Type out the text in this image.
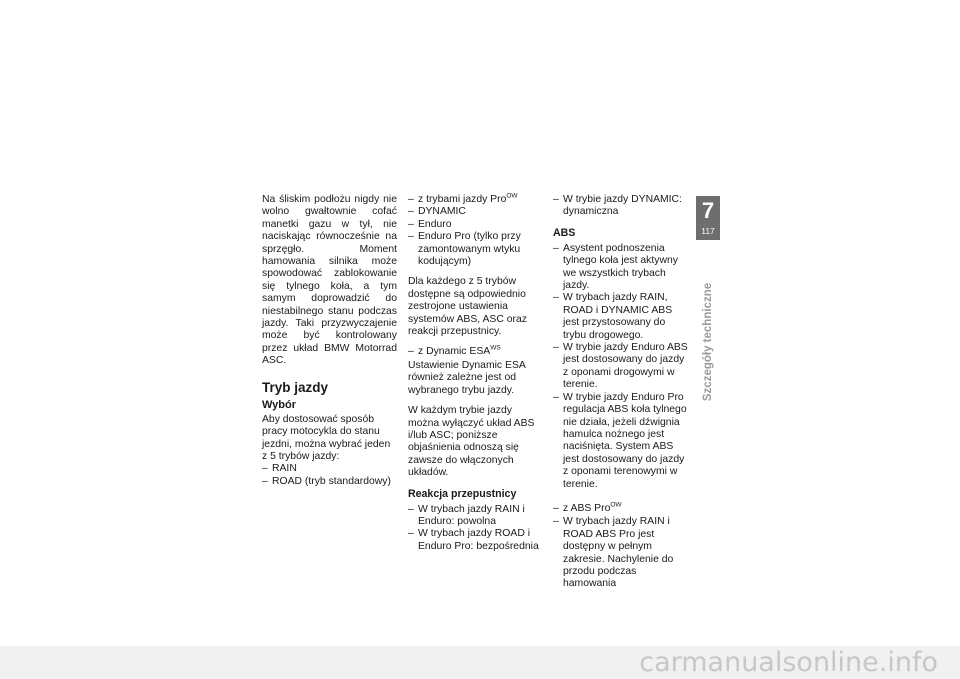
Na śliskim podłożu nigdy nie wolno gwałtownie cofać manetki gazu w tył, nie naciskając równocześnie na sprzęgło. Moment hamowania silnika może spowodować zablokowanie się tylnego koła, a tym samym doprowadzić do niestabilnego stanu podczas jazdy. Taki przyzwyczajenie może być kontrolowany przez układ BMW Motorrad ASC.

Tryb jazdy
Wybór
Aby dostosować sposób pracy motocykla do stanu jezdni, można wybrać jeden z 5 trybów jazdy:
– RAIN
– ROAD (tryb standardowy)
– z trybami jazdy Pro$^{OW}$
– DYNAMIC
– Enduro
– Enduro Pro (tylko przy zamontowanym wtyku kodującym)

Dla każdego z 5 trybów dostępne są odpowiednio zestrojone ustawienia systemów ABS, ASC oraz reakcji przepustnicy.

– z Dynamic $ESA^{WS}$

Ustawienie Dynamic ESA również zależne jest od wybranego trybu jazdy.

W każdym trybie jazdy można wyłączyć układ ABS i/lub ASC; poniższe objaśnienia odnoszą się zawsze do włączonych układów.

Reakcja przepustnicy
– W trybach jazdy RAIN i Enduro: powolna
– W trybach jazdy ROAD i Enduro Pro: bezpośrednia
– W trybie jazdy DYNAMIC: dynamiczna
ABS
– Asystent podnoszenia tylnego koła jest aktywny we wszystkich trybach jazdy.
– W trybach jazdy RAIN, ROAD i DYNAMIC ABS jest przystosowany do trybu drogowego.
– W trybie jazdy Enduro ABS jest dostosowany do jazdy z oponami drogowymi w terenie.
– W trybie jazdy Enduro Pro regulacja ABS koła tylnego nie działa, jeżeli dźwignia hamulca nożnego jest naciśnięta. System ABS jest dostosowany do jazdy z oponami terenowymi w terenie.
– z ABS Pro$^{OW}$
– W trybach jazdy RAIN i ROAD ABS Pro jest dostępny w pełnym zakresie. Nachylenie do przodu podczas hamowania
7
117
Szczegóły techniczne
carmanualsonline.info
